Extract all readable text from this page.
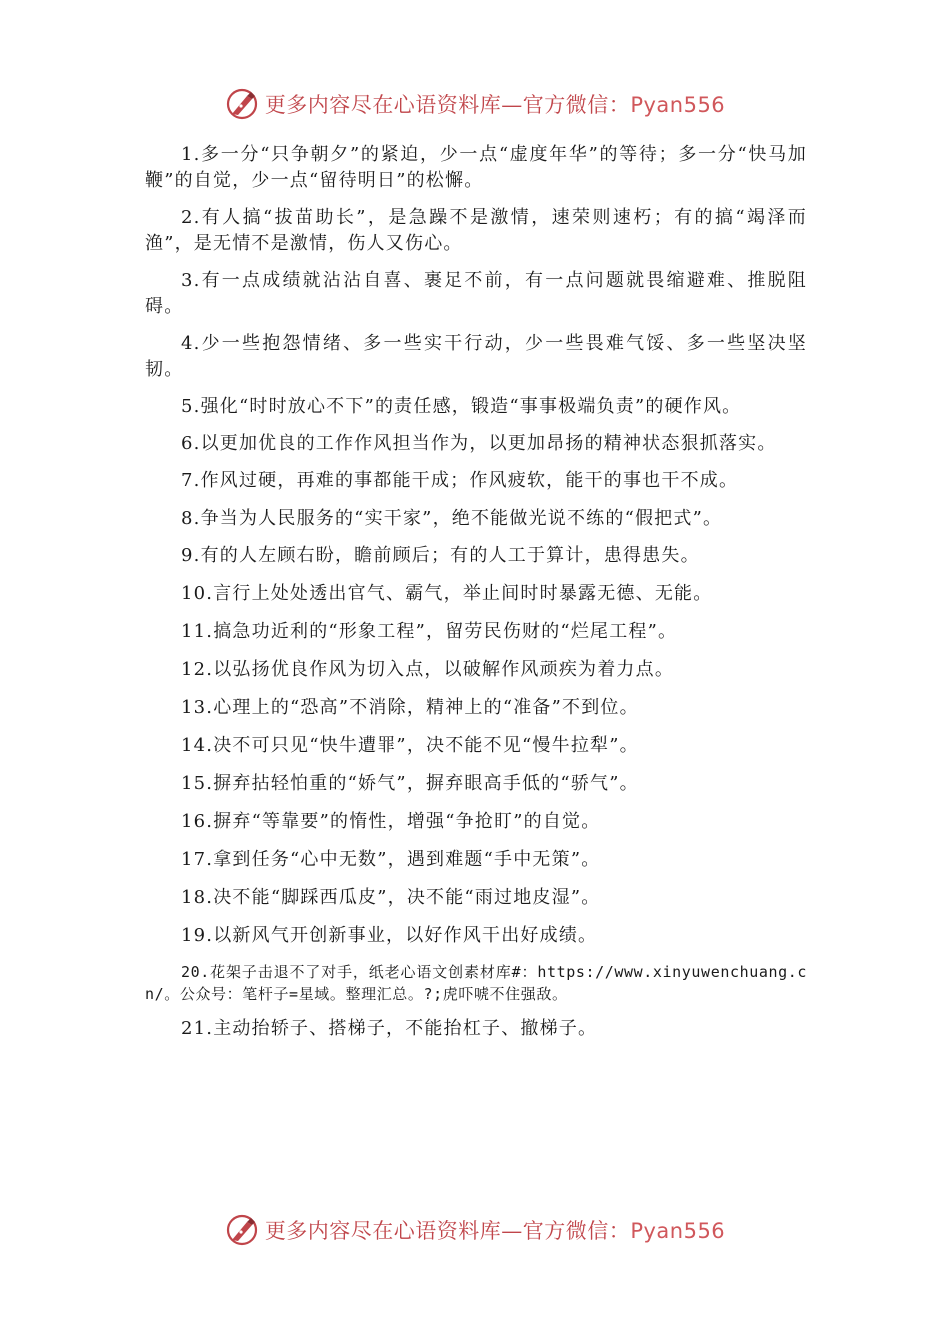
更多内容尽在心语资料库—官方微信：Pyan556

1.多一分“只争朝夕”的紧迫，少一点“虚度年华”的等待；多一分“快马加鞭”的自觉，少一点“留待明日”的松懈。

2.有人搞“拔苗助长”，是急躁不是激情，速荣则速朽；有的搞“竭泽而渔”，是无情不是激情，伤人又伤心。

3.有一点成绩就沾沾自喜、裹足不前，有一点问题就畏缩避难、推脱阻碍。

4.少一些抱怨情绪、多一些实干行动，少一些畏难气馁、多一些坚决坚韧。

5.强化“时时放心不下”的责任感，锻造“事事极端负责”的硬作风。

6.以更加优良的工作作风担当作为，以更加昂扬的精神状态狠抓落实。

7.作风过硬，再难的事都能干成；作风疲软，能干的事也干不成。

8.争当为人民服务的“实干家”，绝不能做光说不练的“假把式”。

9.有的人左顾右盼，瞻前顾后；有的人工于算计，患得患失。

10.言行上处处透出官气、霸气，举止间时时暴露无德、无能。

11.搞急功近利的“形象工程”，留劳民伤财的“烂尾工程”。

12.以弘扬优良作风为切入点，以破解作风顽疾为着力点。

13.心理上的“恐高”不消除，精神上的“准备”不到位。

14.决不可只见“快牛遭罪”，决不能不见“慢牛拉犁”。

15.摒弃拈轻怕重的“娇气”，摒弃眼高手低的“骄气”。

16.摒弃“等靠要”的惰性，增强“争抢盯”的自觉。

17.拿到任务“心中无数”，遇到难题“手中无策”。

18.决不能“脚踩西瓜皮”，决不能“雨过地皮湿”。

19.以新风气开创新事业，以好作风干出好成绩。

20.花架子击退不了对手，纸老心语文创素材库#：https://www.xinyuwenchuang.cn/。公众号：笔杆子=星域。整理汇总。?;虎吓唬不住强敌。

21.主动抬轿子、搭梯子，不能抬杠子、撤梯子。

更多内容尽在心语资料库—官方微信：Pyan556
